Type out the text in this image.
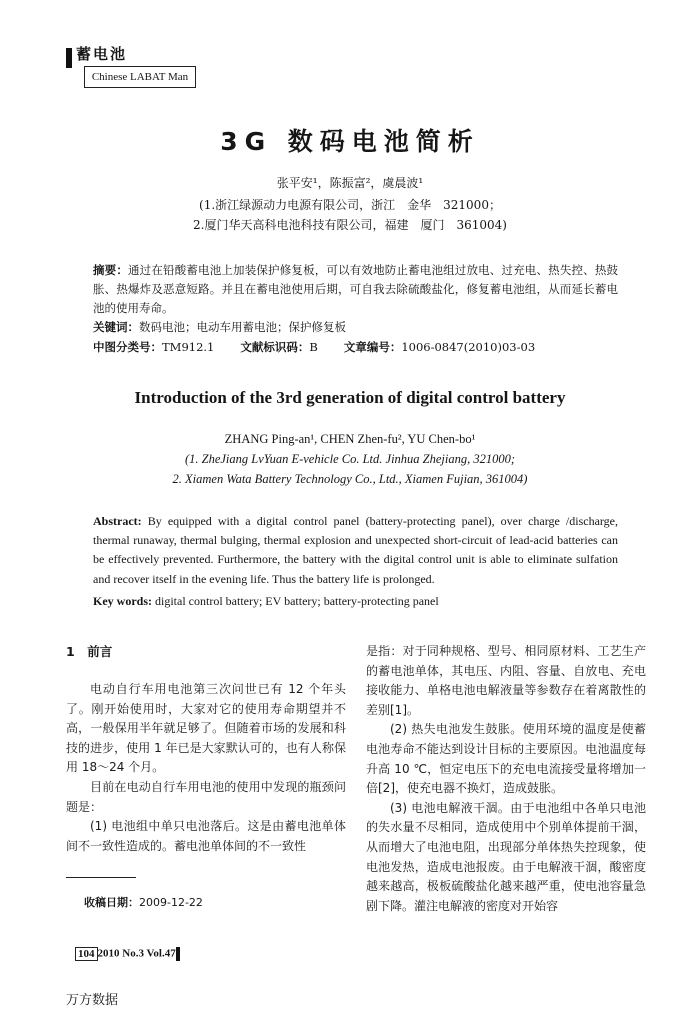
蓄电池
Chinese LABAT Man
3G 数码电池简析
张平安¹，陈振富²，虞晨波¹
(1.浙江绿源动力电源有限公司，浙江　金华　321000；
2.厦门华天高科电池科技有限公司，福建　厦门　361004)
摘要：通过在铅酸蓄电池上加装保护修复板，可以有效地防止蓄电池组过放电、过充电、热失控、热鼓胀、热爆炸及恶意短路。并且在蓄电池使用后期，可自我去除硫酸盐化，修复蓄电池组，从而延长蓄电池的使用寿命。
关键词：数码电池；电动车用蓄电池；保护修复板
中图分类号：TM912.1 文献标识码：B 文章编号：1006-0847(2010)03-03
Introduction of the 3rd generation of digital control battery
ZHANG Ping-an¹, CHEN Zhen-fu², YU Chen-bo¹
(1. ZheJiang LvYuan E-vehicle Co. Ltd. Jinhua Zhejiang, 321000;
2. Xiamen Wata Battery Technology Co., Ltd., Xiamen Fujian, 361004)
Abstract: By equipped with a digital control panel (battery-protecting panel), over charge /discharge, thermal runaway, thermal bulging, thermal explosion and unexpected short-circuit of lead-acid batteries can be effectively prevented. Furthermore, the battery with the digital control unit is able to eliminate sulfation and recover itself in the evening life. Thus the battery life is prolonged.
Key words: digital control battery; EV battery; battery-protecting panel
1　前言

电动自行车用电池第三次问世已有 12 个年头了。刚开始使用时，大家对它的使用寿命期望并不高，一般保用半年就足够了。但随着市场的发展和科技的进步，使用 1 年已是大家默认可的，也有人称保用 18～24 个月。

目前在电动自行车用电池的使用中发现的瓶颈问题是：

(1) 电池组中单只电池落后。这是由蓄电池单体间不一致性造成的。蓄电池单体间的不一致性

是指：对于同种规格、型号、相同原材料、工艺生产的蓄电池单体，其电压、内阻、容量、自放电、充电接收能力、单格电池电解液量等参数存在着离散性的差别[1]。

(2) 热失电池发生鼓胀。使用环境的温度是使蓄电池寿命不能达到设计目标的主要原因。电池温度每升高 10 ℃，恒定电压下的充电电流接受量将增加一倍[2]，使充电器不换灯，造成鼓胀。

(3) 电池电解液干涸。由于电池组中各单只电池的失水量不尽相同，造成使用中个别单体提前干涸，从而增大了电池电阻，出现部分单体热失控现象，使电池发热，造成电池报废。由于电解液干涸，酸密度越来越高，极板硫酸盐化越来越严重，使电池容量急剧下降。灌注电解液的密度对开始容

收稿日期：2009-12-22
104 2010 No.3 Vol.47
万方数据
